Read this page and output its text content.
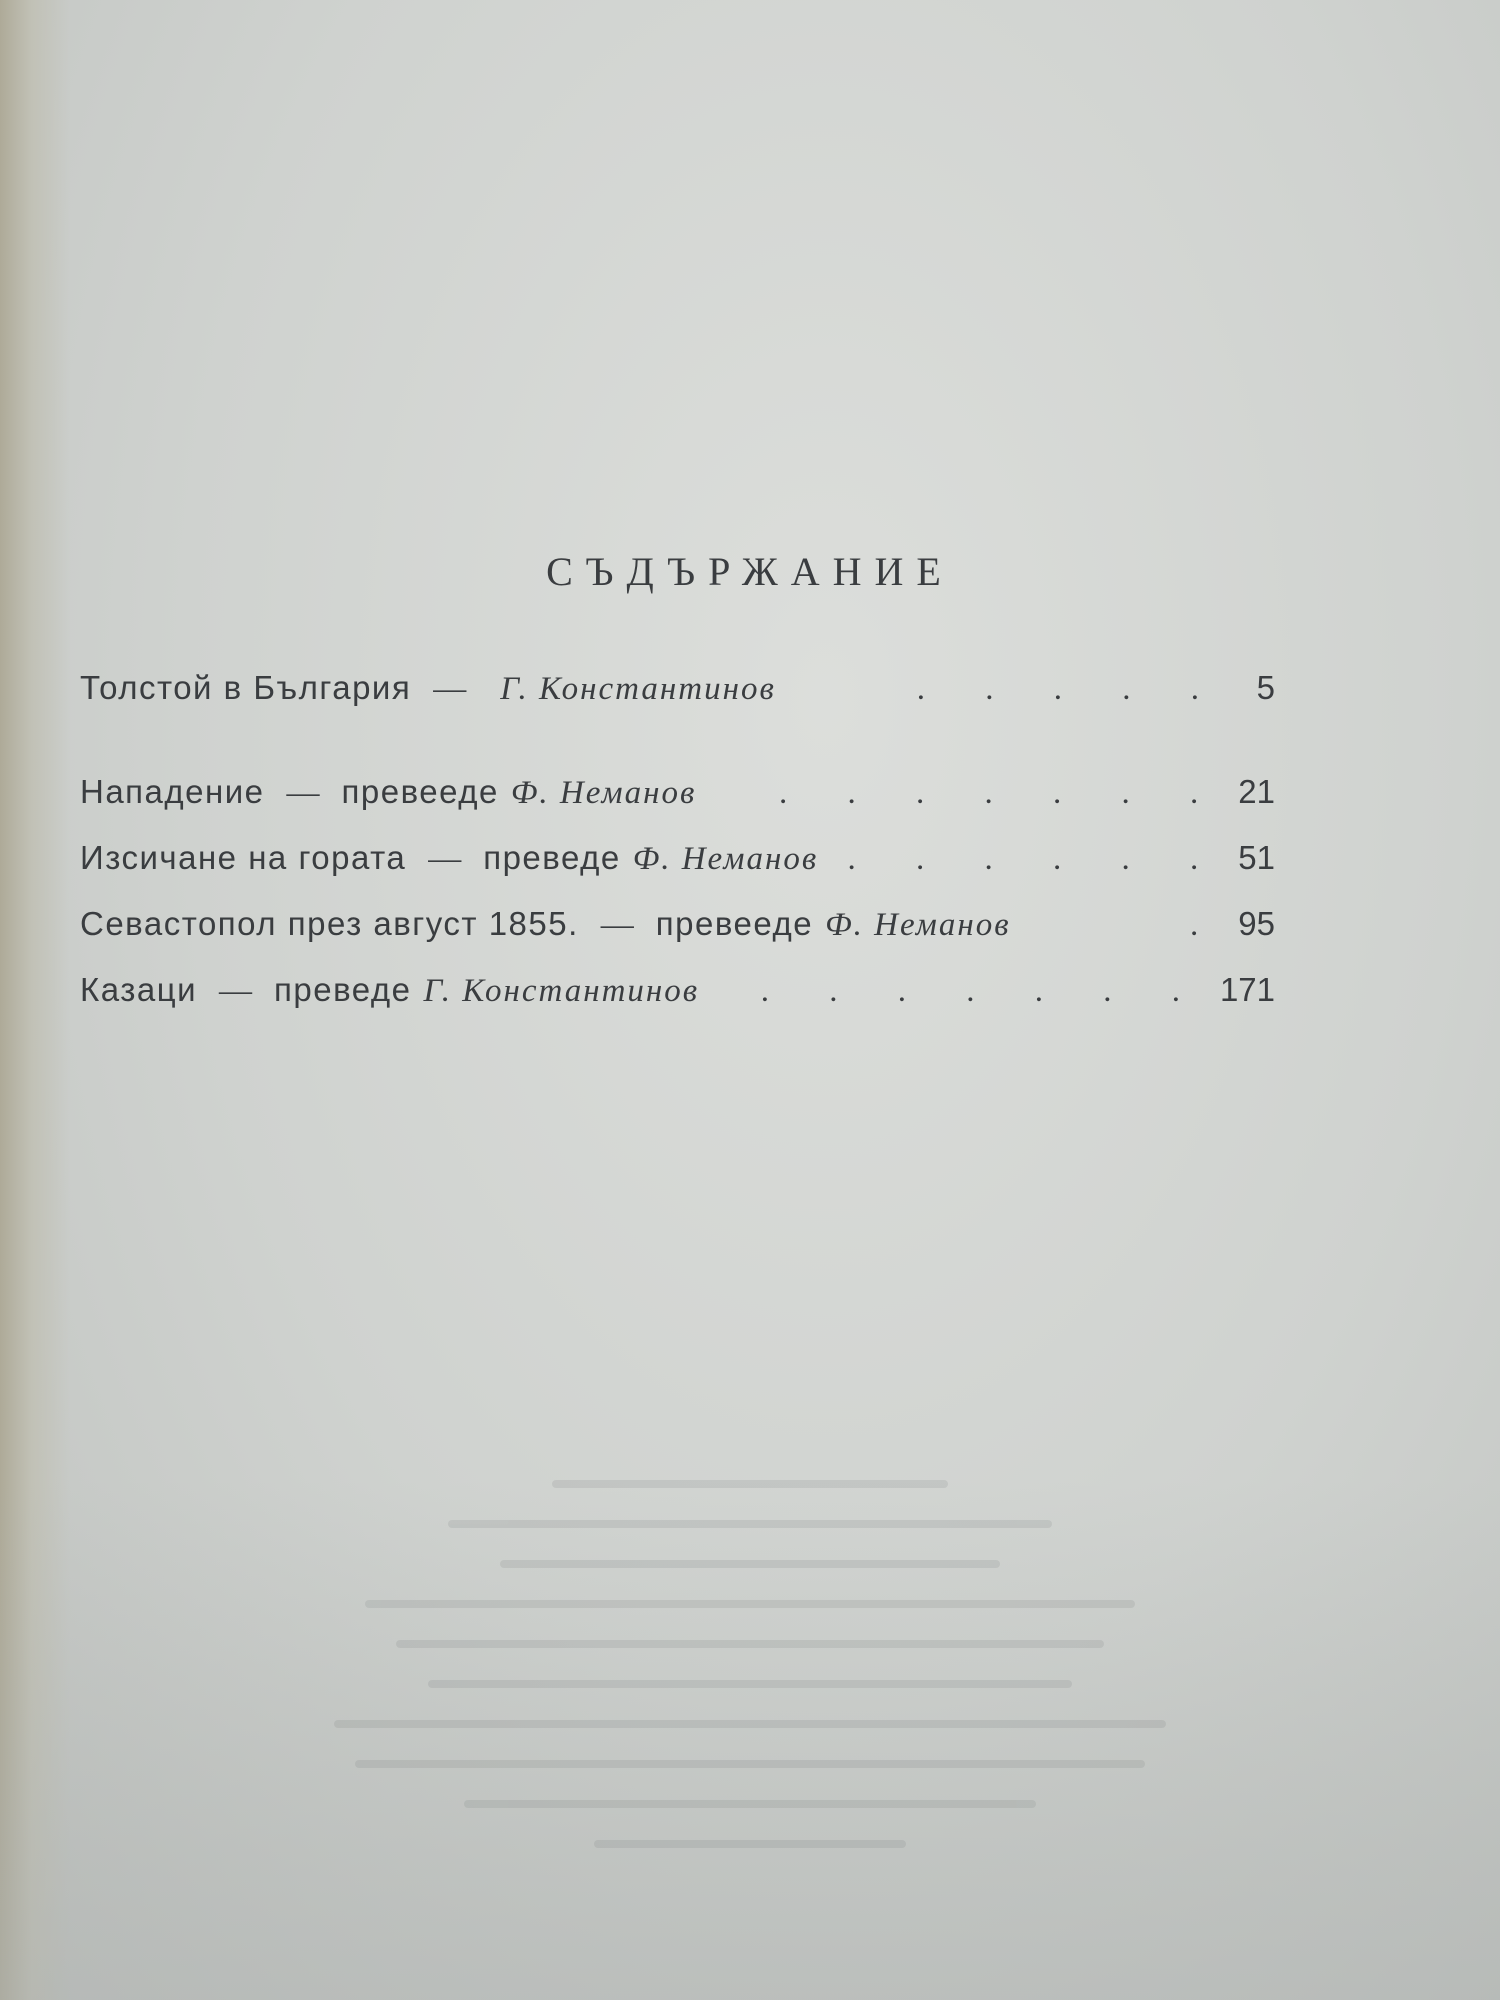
СЪДЪРЖАНИЕ
Толстой в България — Г. Константинов	. . . . . 5
Нападение — превееде Ф. Неманов	. . . . . . . 21
Изсичане на гората — преведе Ф. Неманов . . . . . . 51
Севастопол през август 1855. — превееде Ф. Неманов	. 95
Казаци — преведе Г. Константинов	. . . . . . . 171
